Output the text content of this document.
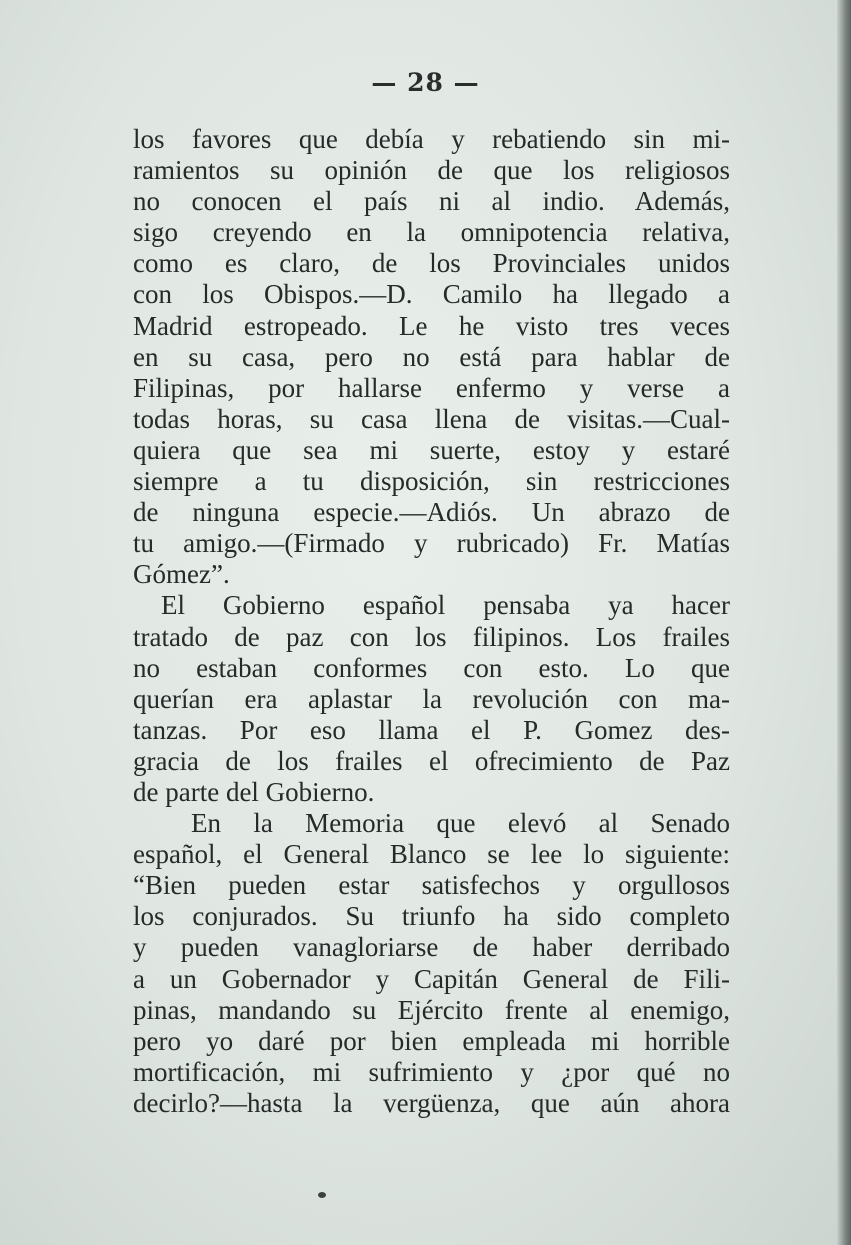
— 28 —
los favores que debía y rebatiendo sin mi-
ramientos su opinión de que los religiosos
no conocen el país ni al indio. Además,
sigo creyendo en la omnipotencia relativa,
como es claro, de los Provinciales unidos
con los Obispos.—D. Camilo ha llegado a
Madrid estropeado. Le he visto tres veces
en su casa, pero no está para hablar de
Filipinas, por hallarse enfermo y verse a
todas horas, su casa llena de visitas.—Cual-
quiera que sea mi suerte, estoy y estaré
siempre a tu disposición, sin restricciones
de ninguna especie.—Adiós. Un abrazo de
tu amigo.—(Firmado y rubricado) Fr. Matías
Gómez”.
El Gobierno español pensaba ya hacer
tratado de paz con los filipinos. Los frailes
no estaban conformes con esto. Lo que
querían era aplastar la revolución con ma-
tanzas. Por eso llama el P. Gomez des-
gracia de los frailes el ofrecimiento de Paz
de parte del Gobierno.
En la Memoria que elevó al Senado
español, el General Blanco se lee lo siguiente:
“Bien pueden estar satisfechos y orgullosos
los conjurados. Su triunfo ha sido completo
y pueden vanagloriarse de haber derribado
a un Gobernador y Capitán General de Fili-
pinas, mandando su Ejército frente al enemigo,
pero yo daré por bien empleada mi horrible
mortificación, mi sufrimiento y ¿por qué no
decirlo?—hasta la vergüenza, que aún ahora
